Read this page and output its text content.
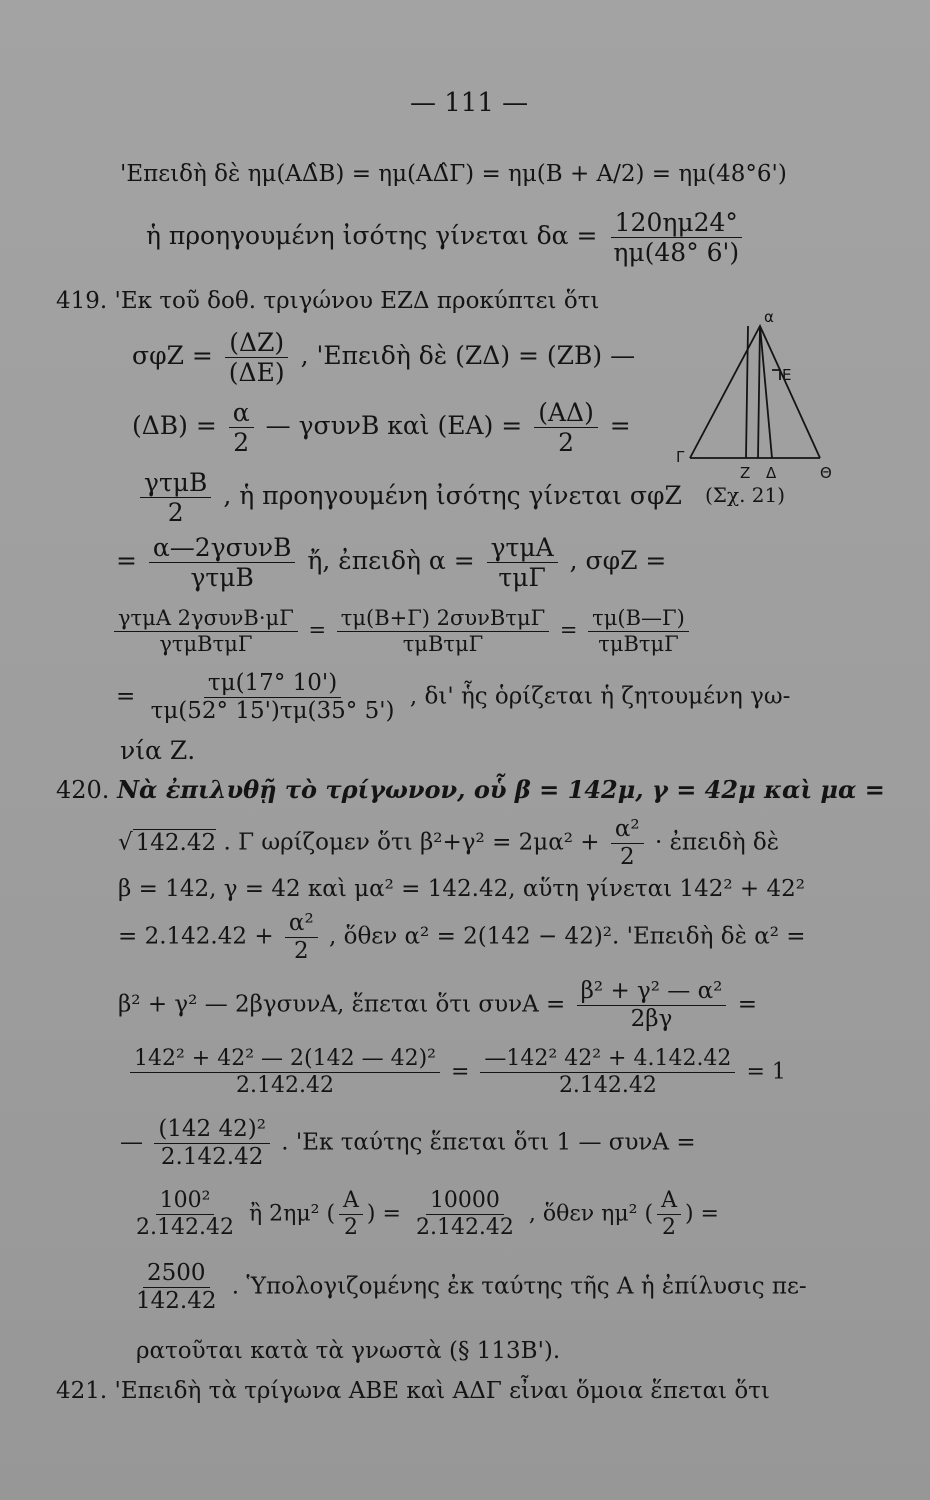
— 111 —
'Επειδὴ δὲ ημ(ΑΔ̂Β) = ημ(ΑΔ̂Γ) = ημ(Β + Α/2) = ημ(48°6')
ἡ προηγουμένη ἰσότης γίνεται $\delta\alpha = \frac{120\eta\mu 24^\circ}{\eta\mu(48^\circ 6')}$
419. 'Εκ τοῦ δοθ. τριγώνου ΕΖΔ προκύπτει ὅτι
$\sigma\varphi Z = \frac{(\Delta Z)}{(\Delta E)}$ , 'Επειδὴ δὲ (ΖΔ) = (ΖΒ) —
$(\Delta B) = \frac{\alpha}{2}$ — γσυνΒ καὶ $(EA) = \frac{(A\Delta)}{2}$ =
$\frac{\text{γτμΒ}}{2}$ , ἡ προηγουμένη ἰσότης γίνεται σφΖ (Σχ. 21)
α
Ε
Γ
Ζ Δ	Θ
= $\frac{\text{α—2γσυνΒ}}{\text{γτμΒ}}$ ἤ, ἐπειδὴ $\alpha = \frac{\text{γτμΑ}}{\text{τμΓ}}$ , σφΖ =
$\frac{\text{γτμΑ 2γσυνΒ·μΓ}}{\text{γτμΒτμΓ}} = \frac{\text{τμ(Β+Γ) 2συνΒτμΓ}}{\text{τμΒτμΓ}} = \frac{\tau\mu(B—\Gamma)}{\text{τμΒτμΓ}}$
= $\frac{\tau\mu(17^\circ 10')}{\tau\mu(52^\circ 15')\tau\mu(35^\circ 5')}$ , δι' ἧς ὁρίζεται ἡ ζητουμένη γω-
νία Ζ.
420. Νὰ ἐπιλυθῇ τὸ τρίγωνον, οὗ β = 142μ, γ = 42μ καὶ μα =
√ 142.42 . Γ ωρίζομεν ὅτι $\beta^2+\gamma^2 = 2\mu\alpha^2 + \frac{\text{α²}}{2}$ · ἐπειδὴ δὲ
β = 142, γ = 42 καὶ μα² = 142.42, αὕτη γίνεται 142² + 42²
= $2.142.42 + \frac{\text{α²}}{2}$ , ὅθεν α² = 2(142 − 42)². 'Επειδὴ δὲ α² =
β² + γ² — 2βγσυνΑ, ἕπεται ὅτι $\sigma\upsilon\nu A = \frac{\text{β² + γ² — α²}}{2\beta\gamma}$ =
$\frac{\text{142² + 42² — 2(142 — 42)²}}{2.142.42} = \frac{\text{—142² 42² + 4.142.42}}{2.142.42} = 1$
— $\frac{\text{(142 42)²}}{2.142.42}$ . 'Εκ ταύτης ἕπεται ὅτι 1 — συνΑ =
$\frac{\text{100²}}{2.142.42}$ ἢ 2ημ² ( $\frac{A}{2}$ ) = $\frac{10000}{2.142.42}$ , ὅθεν ημ² ( $\frac{A}{2}$ ) =
$\frac{2500}{142.42}$ . Ὑπολογιζομένης ἐκ ταύτης τῆς Α ἡ ἐπίλυσις πε-
ρατοῦται κατὰ τὰ γνωστὰ (§ 113Β').
421. 'Επειδὴ τὰ τρίγωνα ΑΒΕ καὶ ΑΔΓ εἶναι ὅμοια ἕπεται ὅτι
